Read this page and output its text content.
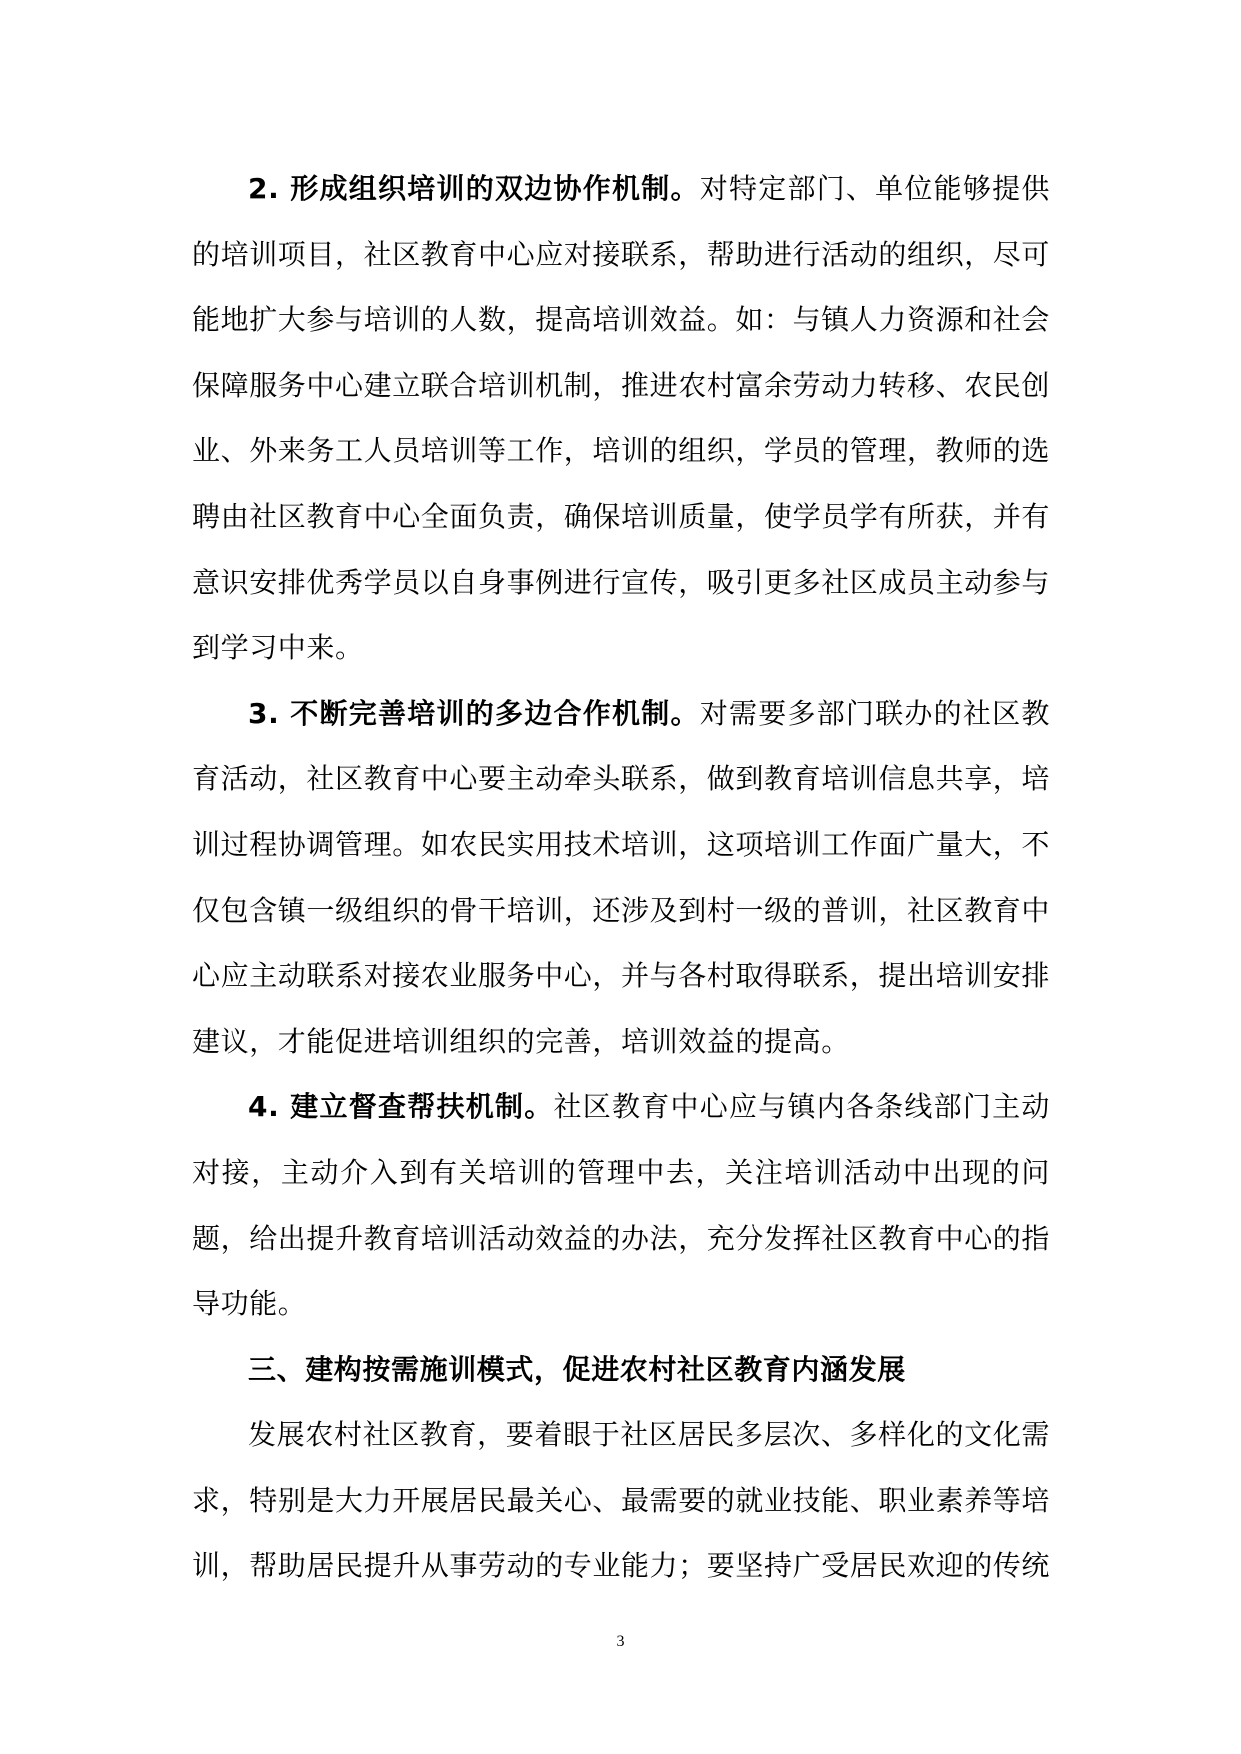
2. 形成组织培训的双边协作机制。对特定部门、单位能够提供的培训项目，社区教育中心应对接联系，帮助进行活动的组织，尽可能地扩大参与培训的人数，提高培训效益。如：与镇人力资源和社会保障服务中心建立联合培训机制，推进农村富余劳动力转移、农民创业、外来务工人员培训等工作，培训的组织，学员的管理，教师的选聘由社区教育中心全面负责，确保培训质量，使学员学有所获，并有意识安排优秀学员以自身事例进行宣传，吸引更多社区成员主动参与到学习中来。

3. 不断完善培训的多边合作机制。对需要多部门联办的社区教育活动，社区教育中心要主动牵头联系，做到教育培训信息共享，培训过程协调管理。如农民实用技术培训，这项培训工作面广量大，不仅包含镇一级组织的骨干培训，还涉及到村一级的普训，社区教育中心应主动联系对接农业服务中心，并与各村取得联系，提出培训安排建议，才能促进培训组织的完善，培训效益的提高。

4. 建立督查帮扶机制。社区教育中心应与镇内各条线部门主动对接，主动介入到有关培训的管理中去，关注培训活动中出现的问题，给出提升教育培训活动效益的办法，充分发挥社区教育中心的指导功能。

三、建构按需施训模式，促进农村社区教育内涵发展

发展农村社区教育，要着眼于社区居民多层次、多样化的文化需求，特别是大力开展居民最关心、最需要的就业技能、职业素养等培训，帮助居民提升从事劳动的专业能力；要坚持广受居民欢迎的传统

3
